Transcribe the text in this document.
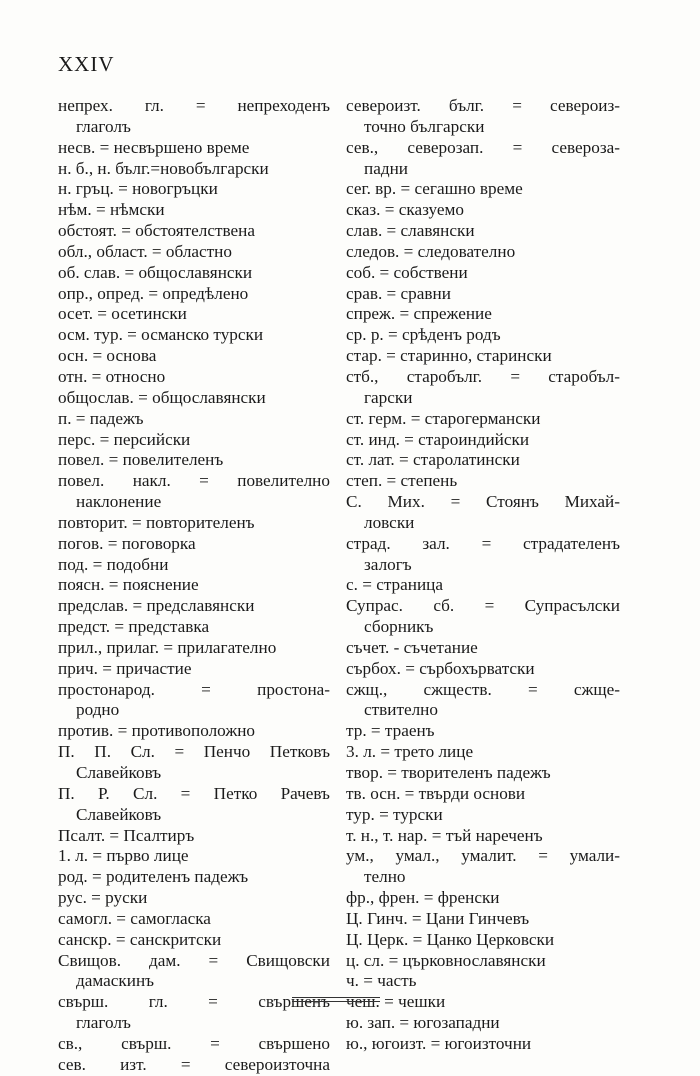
XXIV
непрех. гл. = непреходенъ
глаголъ
несв. = несвършено време
н. б., н. бълг.=новобългарски
н. гръц. = новогръцки
нѣм. = нѣмски
обстоят. = обстоятелствена
обл., област. = областно
об. слав. = общославянски
опр., опред. = опредѣлено
осет. = осетински
осм. тур. = османско турски
осн. = основа
отн. = относно
общослав. = общославянски
п. = падежъ
перс. = персийски
повел. = повелителенъ
повел. накл. = повелително
наклонение
повторит. = повторителенъ
погов. = поговорка
под. = подобни
поясн. = пояснение
предслав. = предславянски
предст. = представка
прил., прилаг. = прилагателно
прич. = причастие
простонарод.	=	простона-
родно
против. = противоположно
П. П. Сл. = Пенчо Петковъ
Славейковъ
П. Р. Сл. = Петко Рачевъ
Славейковъ
Псалт. = Псалтиръ
1. л. = първо лице
род. = родителенъ падежъ
рус. = руски
самогл. = самогласка
санскр. = санскритски
Свищов. дам. = Свищовски
дамаскинъ
свърш. гл. = свършенъ
глаголъ
св., свърш. = свършено
сев. изт. = североизточна
североизт. бълг. = североиз-
точно български
сев., северозап. = североза-
падни
сег. вр. = сегашно време
сказ. = сказуемо
слав. = славянски
следов. = следователно
соб. = собствени
срав. = сравни
спреж. = спрежение
ср. р. = срѣденъ родъ
стар. = старинно, старински
стб., старобълг. = старобъл-
гарски
ст. герм. = старогермански
ст. инд. = староиндийски
ст. лат. = старолатински
степ. = степень
С. Мих. = Стоянъ Михай-
ловски
страд. зал. = страдателенъ
залогъ
с. = страница
Супрас. сб. = Супрасълски
сборникъ
съчет. - съчетание
сърбох. = сърбохърватски
сжщ., сжществ. = сжще-
ствително
тр. = траенъ
3. л. = трето лице
твор. = творителенъ падежъ
тв. осн. = твърди основи
тур. = турски
т. н., т. нар. = тъй нареченъ
ум., умал., умалит. = умали-
телно
фр., френ. = френски
Ц. Гинч. = Цани Гинчевъ
Ц. Церк. = Цанко Церковски
ц. сл. = църковнославянски
ч. = часть
чеш. = чешки
ю. зап. = югозападни
ю., югоизт. = югоизточни
